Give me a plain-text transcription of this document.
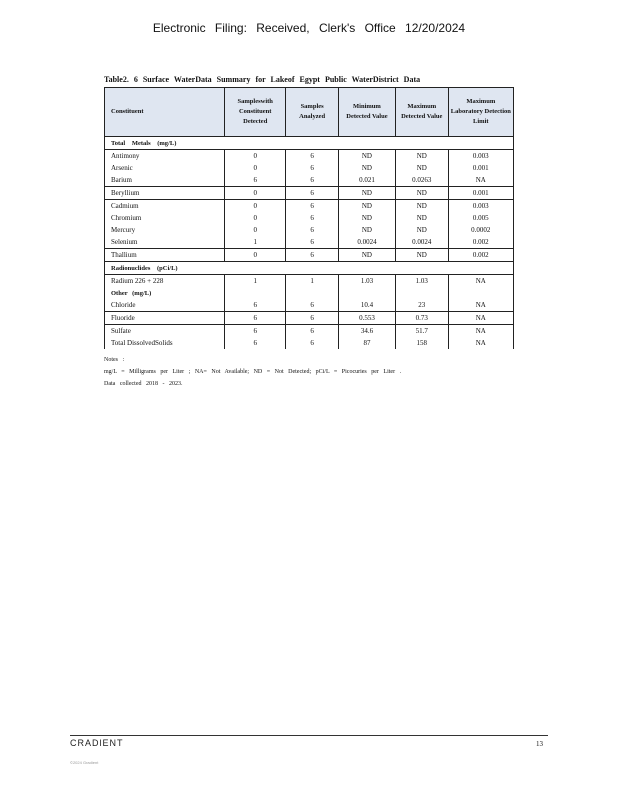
Electronic Filing: Received, Clerk's Office 12/20/2024
Table2. 6 Surface WaterData Summary for Lakeof Egypt Public WaterDistrict Data
Constituent	Sampleswith Constituent Detected	Samples Analyzed	Minimum Detected Value	Maximum Detected Value	Maximum Laboratory Detection Limit
Total Metals (mg/L)					
Antimony	0	6	ND	ND	0.003
Arsenic	0	6	ND	ND	0.001
Barium	6	6	0.021	0.0263	NA
Beryllium	0	6	ND	ND	0.001
Cadmium	0	6	ND	ND	0.003
Chromium	0	6	ND	ND	0.005
Mercury	0	6	ND	ND	0.0002
Selenium	1	6	0.0024	0.0024	0.002
Thallium	0	6	ND	ND	0.002
Radionuclides (pCi/L)					
Radium 226 + 228	1	1	1.03	1.03	NA
Other (mg/L)					
Chloride	6	6	10.4	23	NA
Fluoride	6	6	0.553	0.73	NA
Sulfate	6	6	34.6	51.7	NA
Total DissolvedSolids	6	6	87	158	NA
Notes :
mg/L = Milligrams per Liter ; NA= Not Available; ND = Not Detected; pCi/L = Picocuries per Liter .
Data collected 2018 - 2023.
CRADlENT	13
©2024 Gradient
